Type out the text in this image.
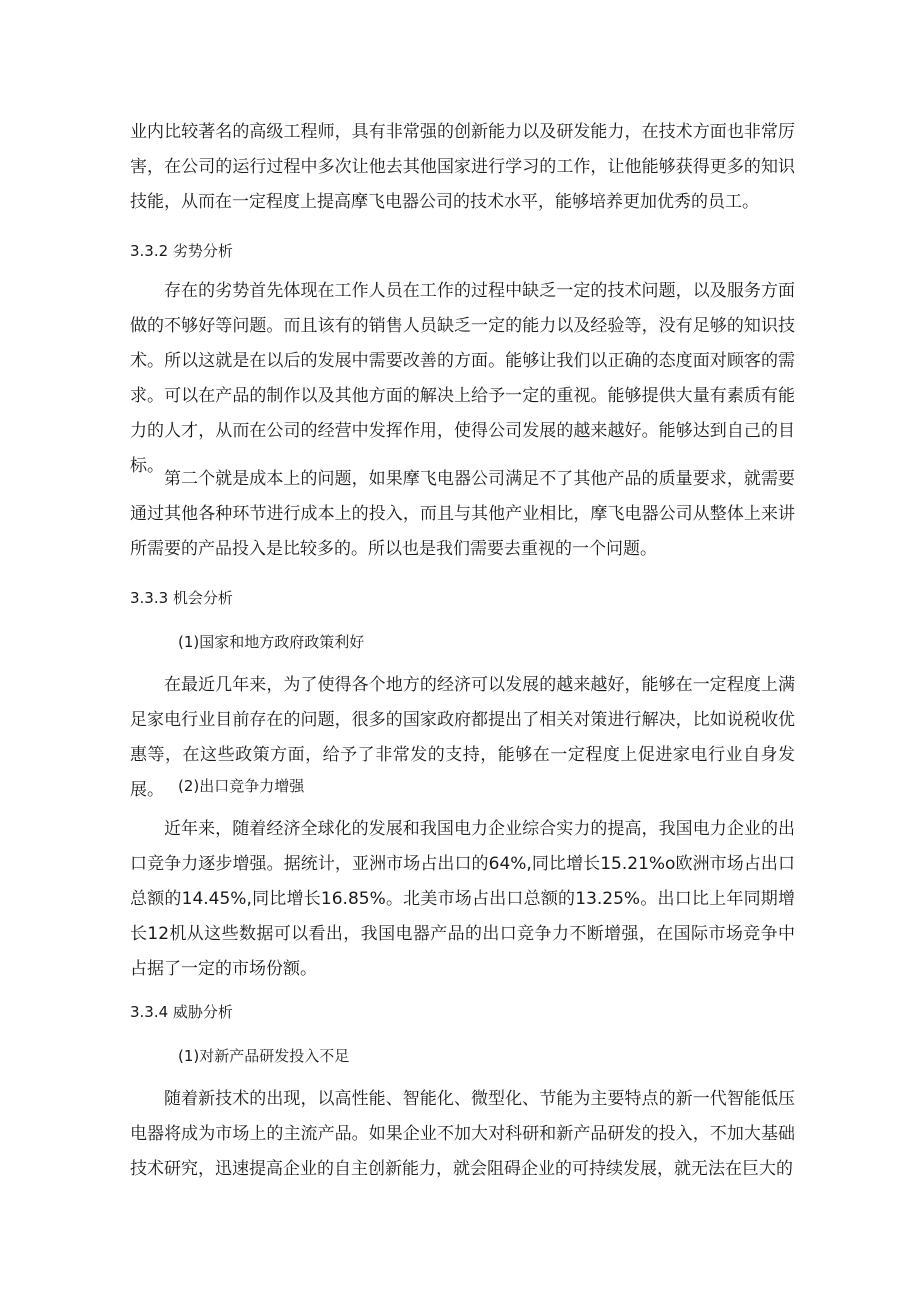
业内比较著名的高级工程师，具有非常强的创新能力以及研发能力，在技术方面也非常厉害，在公司的运行过程中多次让他去其他国家进行学习的工作，让他能够获得更多的知识技能，从而在一定程度上提高摩飞电器公司的技术水平，能够培养更加优秀的员工。

3.3.2 劣势分析

存在的劣势首先体现在工作人员在工作的过程中缺乏一定的技术问题，以及服务方面做的不够好等问题。而且该有的销售人员缺乏一定的能力以及经验等，没有足够的知识技术。所以这就是在以后的发展中需要改善的方面。能够让我们以正确的态度面对顾客的需求。可以在产品的制作以及其他方面的解决上给予一定的重视。能够提供大量有素质有能力的人才，从而在公司的经营中发挥作用，使得公司发展的越来越好。能够达到自己的目标。

第二个就是成本上的问题，如果摩飞电器公司满足不了其他产品的质量要求，就需要通过其他各种环节进行成本上的投入，而且与其他产业相比，摩飞电器公司从整体上来讲所需要的产品投入是比较多的。所以也是我们需要去重视的一个问题。

3.3.3 机会分析

(1)国家和地方政府政策利好

在最近几年来，为了使得各个地方的经济可以发展的越来越好，能够在一定程度上满足家电行业目前存在的问题，很多的国家政府都提出了相关对策进行解决，比如说税收优惠等，在这些政策方面，给予了非常发的支持，能够在一定程度上促进家电行业自身发展。 (2)出口竞争力增强

近年来，随着经济全球化的发展和我国电力企业综合实力的提高，我国电力企业的出口竞争力逐步增强。据统计，亚洲市场占出口的64%,同比增长15.21%o欧洲市场占出口总额的14.45%,同比增长16.85%。北美市场占出口总额的13.25%。出口比上年同期增长12机从这些数据可以看出，我国电器产品的出口竞争力不断增强，在国际市场竞争中占据了一定的市场份额。

3.3.4 威胁分析

(1)对新产品研发投入不足

随着新技术的出现，以高性能、智能化、微型化、节能为主要特点的新一代智能低压电器将成为市场上的主流产品。如果企业不加大对科研和新产品研发的投入，不加大基础技术研究，迅速提高企业的自主创新能力，就会阻碍企业的可持续发展，就无法在巨大的
